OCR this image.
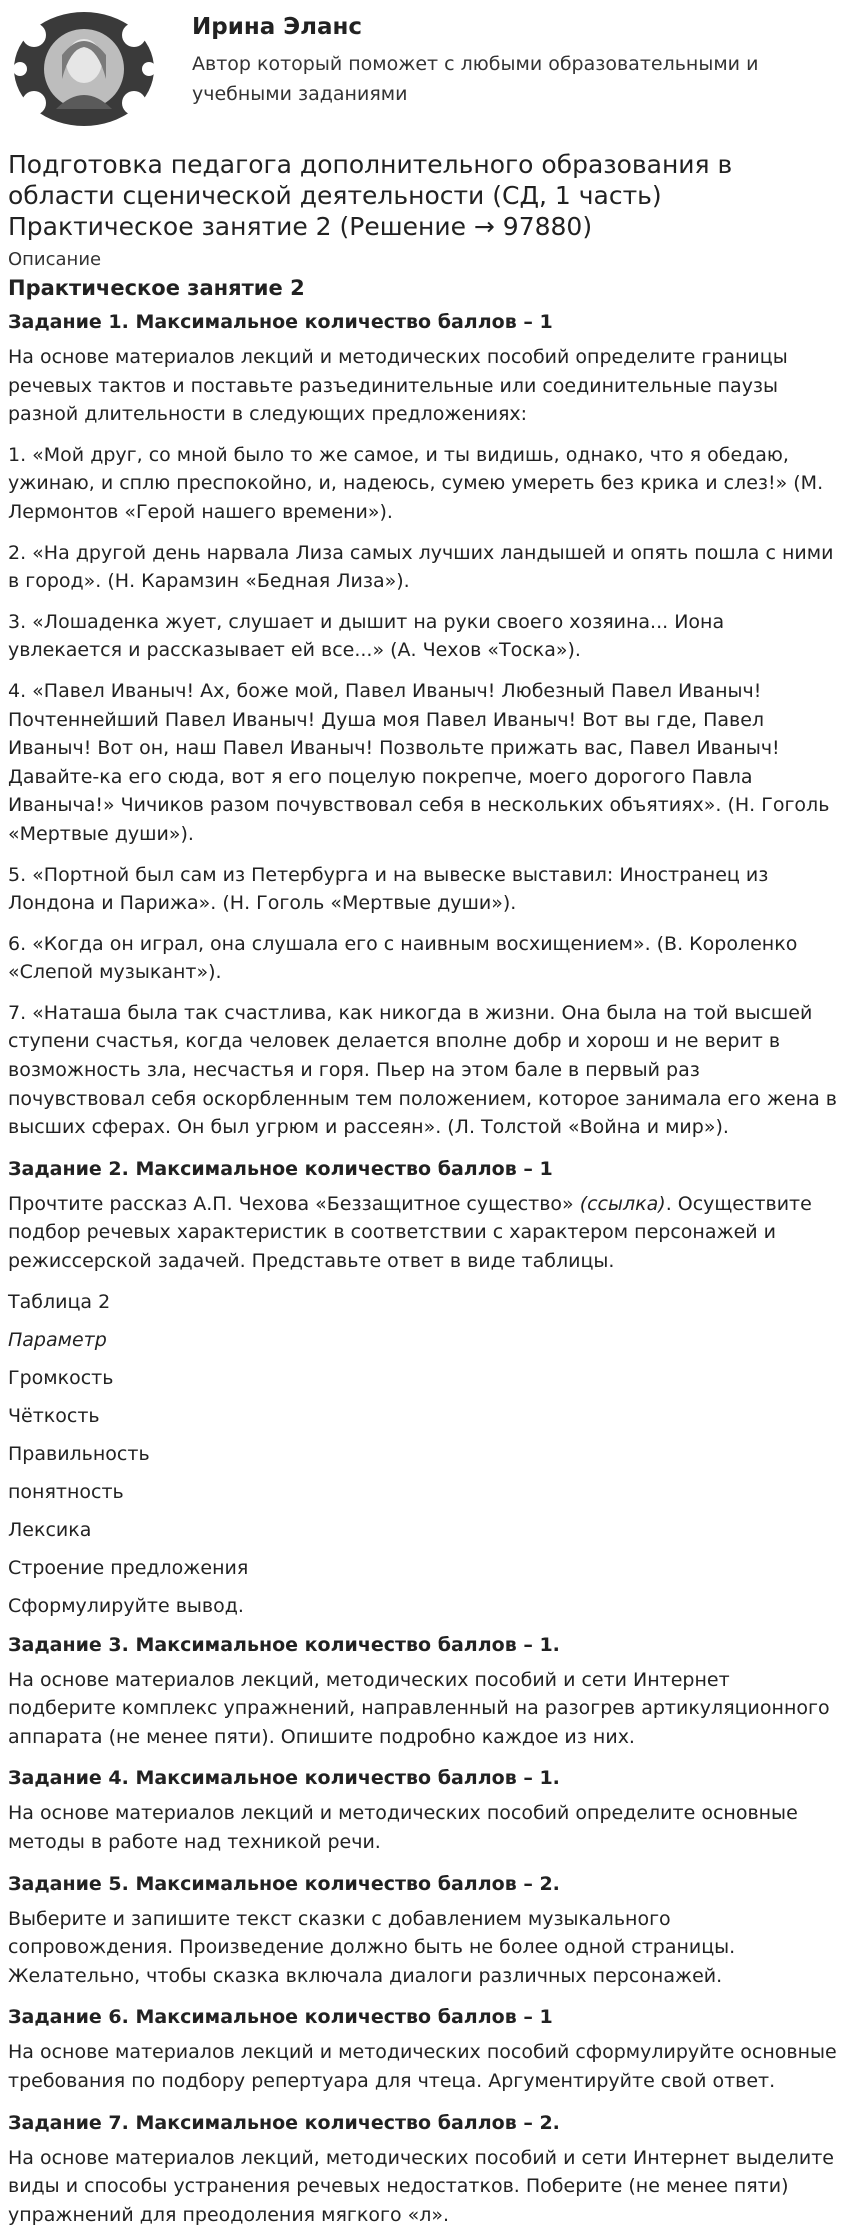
Ирина Эланс

Автор который поможет с любыми образовательными и учебными заданиями

Подготовка педагога дополнительного образования в области сценической деятельности (СД, 1 часть) Практическое занятие 2 (Решение → 97880)

Описание

Практическое занятие 2

Задание 1. Максимальное количество баллов – 1

На основе материалов лекций и методических пособий определите границы речевых тактов и поставьте разъединительные или соединительные паузы разной длительности в следующих предложениях:

1. «Мой друг, со мной было то же самое, и ты видишь, однако, что я обедаю, ужинаю, и сплю преспокойно, и, надеюсь, сумею умереть без крика и слез!» (М. Лермонтов «Герой нашего времени»).

2. «На другой день нарвала Лиза самых лучших ландышей и опять пошла с ними в город». (Н. Карамзин «Бедная Лиза»).

3. «Лошаденка жует, слушает и дышит на руки своего хозяина... Иона увлекается и рассказывает ей все...» (А. Чехов «Тоска»).

4. «Павел Иваныч! Ах, боже мой, Павел Иваныч! Любезный Павел Иваныч! Почтеннейший Павел Иваныч! Душа моя Павел Иваныч! Вот вы где, Павел Иваныч! Вот он, наш Павел Иваныч! Позвольте прижать вас, Павел Иваныч! Давайте-ка его сюда, вот я его поцелую покрепче, моего дорогого Павла Иваныча!» Чичиков разом почувствовал себя в нескольких объятиях». (Н. Гоголь «Мертвые души»).

5. «Портной был сам из Петербурга и на вывеске выставил: Иностранец из Лондона и Парижа». (Н. Гоголь «Мертвые души»).

6. «Когда он играл, она слушала его с наивным восхищением». (В. Короленко «Слепой музыкант»).

7. «Наташа была так счастлива, как никогда в жизни. Она была на той высшей ступени счастья, когда человек делается вполне добр и хорош и не верит в возможность зла, несчастья и горя. Пьер на этом бале в первый раз почувствовал себя оскорбленным тем положением, которое занимала его жена в высших сферах. Он был угрюм и рассеян». (Л. Толстой «Война и мир»).

Задание 2. Максимальное количество баллов – 1

Прочтите рассказ А.П. Чехова «Беззащитное существо» (ссылка). Осуществите подбор речевых характеристик в соответствии с характером персонажей и режиссерской задачей. Представьте ответ в виде таблицы.

Таблица 2

Параметр

Громкость

Чёткость

Правильность

понятность

Лексика

Строение предложения

Сформулируйте вывод.

Задание 3. Максимальное количество баллов – 1.

На основе материалов лекций, методических пособий и сети Интернет подберите комплекс упражнений, направленный на разогрев артикуляционного аппарата (не менее пяти). Опишите подробно каждое из них.

Задание 4. Максимальное количество баллов – 1.

На основе материалов лекций и методических пособий определите основные методы в работе над техникой речи.

Задание 5. Максимальное количество баллов – 2.

Выберите и запишите текст сказки с добавлением музыкального сопровождения. Произведение должно быть не более одной страницы. Желательно, чтобы сказка включала диалоги различных персонажей.

Задание 6. Максимальное количество баллов – 1

На основе материалов лекций и методических пособий сформулируйте основные требования по подбору репертуара для чтеца. Аргументируйте свой ответ.

Задание 7. Максимальное количество баллов – 2.

На основе материалов лекций, методических пособий и сети Интернет выделите виды и способы устранения речевых недостатков. Поберите (не менее пяти) упражнений для преодоления мягкого «л».
